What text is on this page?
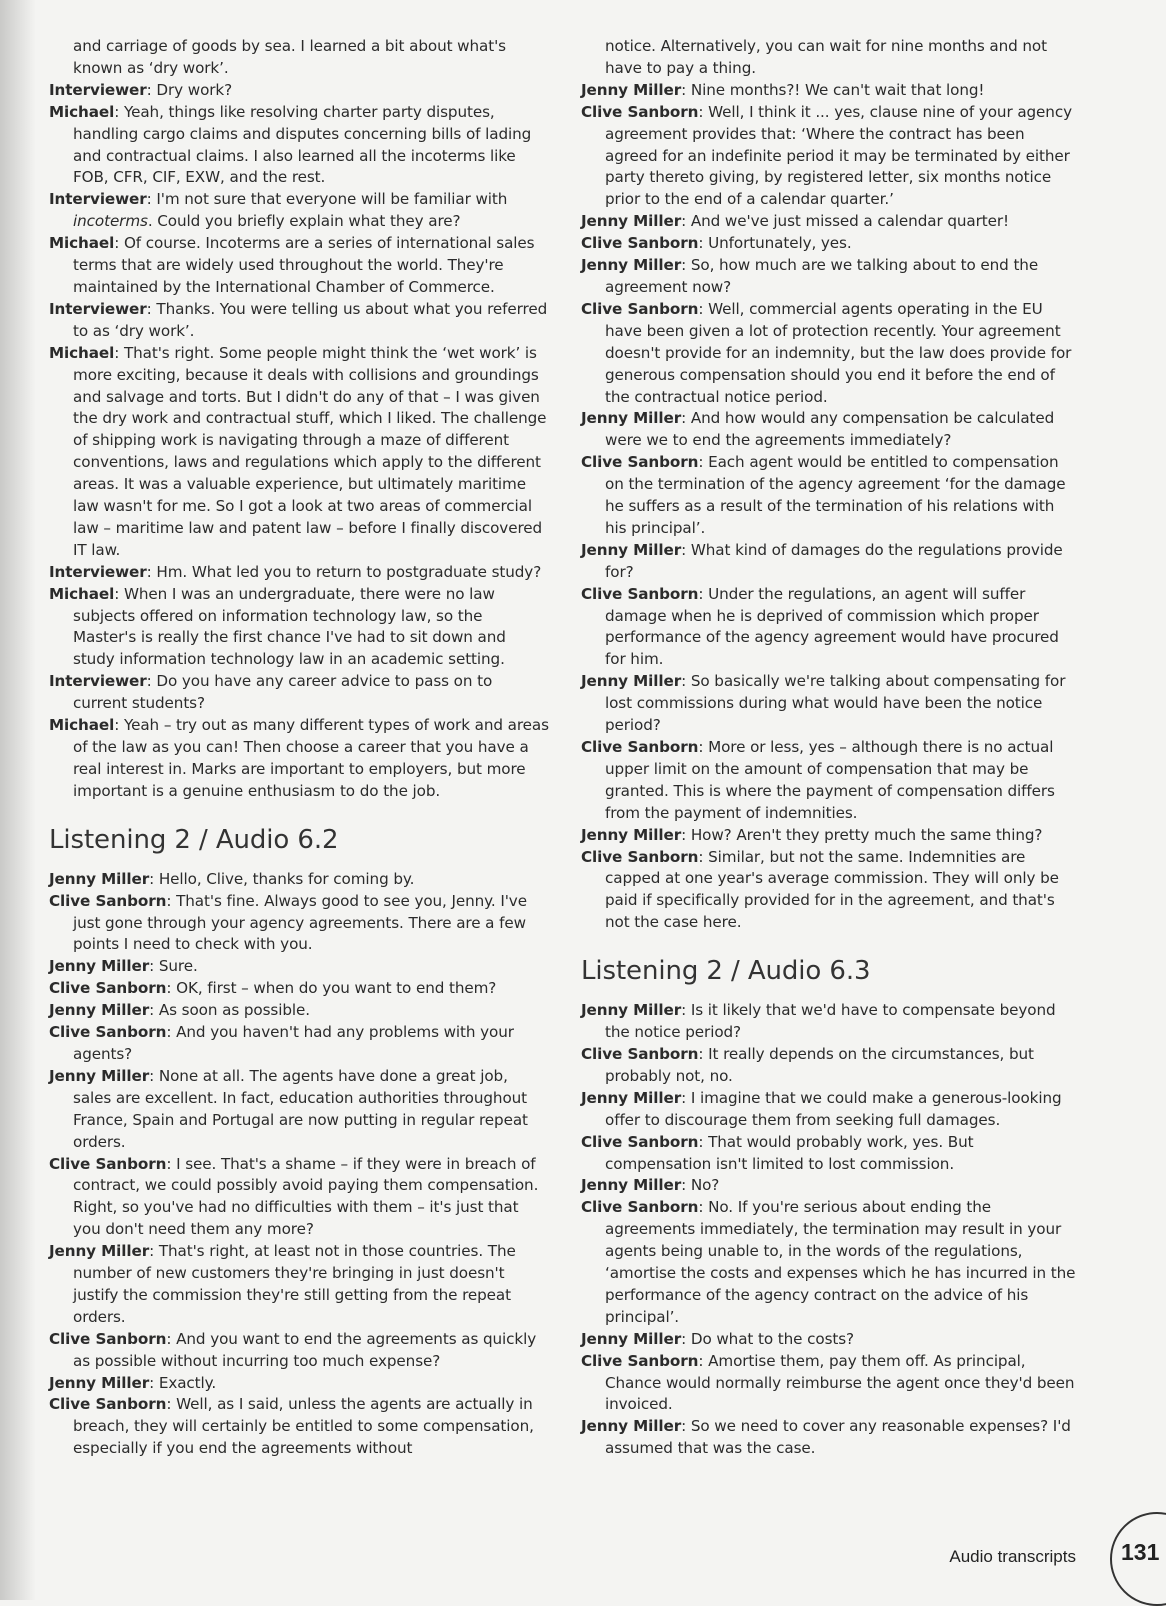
and carriage of goods by sea. I learned a bit about what's known as ‘dry work’.

Interviewer: Dry work?

Michael: Yeah, things like resolving charter party disputes, handling cargo claims and disputes concerning bills of lading and contractual claims. I also learned all the incoterms like FOB, CFR, CIF, EXW, and the rest.

Interviewer: I'm not sure that everyone will be familiar with incoterms. Could you briefly explain what they are?

Michael: Of course. Incoterms are a series of international sales terms that are widely used throughout the world. They're maintained by the International Chamber of Commerce.

Interviewer: Thanks. You were telling us about what you referred to as ‘dry work’.

Michael: That's right. Some people might think the ‘wet work’ is more exciting, because it deals with collisions and groundings and salvage and torts. But I didn't do any of that – I was given the dry work and contractual stuff, which I liked. The challenge of shipping work is navigating through a maze of different conventions, laws and regulations which apply to the different areas. It was a valuable experience, but ultimately maritime law wasn't for me. So I got a look at two areas of commercial law – maritime law and patent law – before I finally discovered IT law.

Interviewer: Hm. What led you to return to postgraduate study?

Michael: When I was an undergraduate, there were no law subjects offered on information technology law, so the Master's is really the first chance I've had to sit down and study information technology law in an academic setting.

Interviewer: Do you have any career advice to pass on to current students?

Michael: Yeah – try out as many different types of work and areas of the law as you can! Then choose a career that you have a real interest in. Marks are important to employers, but more important is a genuine enthusiasm to do the job.

Listening 2 / Audio 6.2

Jenny Miller: Hello, Clive, thanks for coming by.

Clive Sanborn: That's fine. Always good to see you, Jenny. I've just gone through your agency agreements. There are a few points I need to check with you.

Jenny Miller: Sure.

Clive Sanborn: OK, first – when do you want to end them?

Jenny Miller: As soon as possible.

Clive Sanborn: And you haven't had any problems with your agents?

Jenny Miller: None at all. The agents have done a great job, sales are excellent. In fact, education authorities throughout France, Spain and Portugal are now putting in regular repeat orders.

Clive Sanborn: I see. That's a shame – if they were in breach of contract, we could possibly avoid paying them compensation. Right, so you've had no difficulties with them – it's just that you don't need them any more?

Jenny Miller: That's right, at least not in those countries. The number of new customers they're bringing in just doesn't justify the commission they're still getting from the repeat orders.

Clive Sanborn: And you want to end the agreements as quickly as possible without incurring too much expense?

Jenny Miller: Exactly.

Clive Sanborn: Well, as I said, unless the agents are actually in breach, they will certainly be entitled to some compensation, especially if you end the agreements without

notice. Alternatively, you can wait for nine months and not have to pay a thing.

Jenny Miller: Nine months?! We can't wait that long!

Clive Sanborn: Well, I think it ... yes, clause nine of your agency agreement provides that: ‘Where the contract has been agreed for an indefinite period it may be terminated by either party thereto giving, by registered letter, six months notice prior to the end of a calendar quarter.’

Jenny Miller: And we've just missed a calendar quarter!

Clive Sanborn: Unfortunately, yes.

Jenny Miller: So, how much are we talking about to end the agreement now?

Clive Sanborn: Well, commercial agents operating in the EU have been given a lot of protection recently. Your agreement doesn't provide for an indemnity, but the law does provide for generous compensation should you end it before the end of the contractual notice period.

Jenny Miller: And how would any compensation be calculated were we to end the agreements immediately?

Clive Sanborn: Each agent would be entitled to compensation on the termination of the agency agreement ‘for the damage he suffers as a result of the termination of his relations with his principal’.

Jenny Miller: What kind of damages do the regulations provide for?

Clive Sanborn: Under the regulations, an agent will suffer damage when he is deprived of commission which proper performance of the agency agreement would have procured for him.

Jenny Miller: So basically we're talking about compensating for lost commissions during what would have been the notice period?

Clive Sanborn: More or less, yes – although there is no actual upper limit on the amount of compensation that may be granted. This is where the payment of compensation differs from the payment of indemnities.

Jenny Miller: How? Aren't they pretty much the same thing?

Clive Sanborn: Similar, but not the same. Indemnities are capped at one year's average commission. They will only be paid if specifically provided for in the agreement, and that's not the case here.

Listening 2 / Audio 6.3

Jenny Miller: Is it likely that we'd have to compensate beyond the notice period?

Clive Sanborn: It really depends on the circumstances, but probably not, no.

Jenny Miller: I imagine that we could make a generous-looking offer to discourage them from seeking full damages.

Clive Sanborn: That would probably work, yes. But compensation isn't limited to lost commission.

Jenny Miller: No?

Clive Sanborn: No. If you're serious about ending the agreements immediately, the termination may result in your agents being unable to, in the words of the regulations, ‘amortise the costs and expenses which he has incurred in the performance of the agency contract on the advice of his principal’.

Jenny Miller: Do what to the costs?

Clive Sanborn: Amortise them, pay them off. As principal, Chance would normally reimburse the agent once they'd been invoiced.

Jenny Miller: So we need to cover any reasonable expenses? I'd assumed that was the case.

Audio transcripts 131
